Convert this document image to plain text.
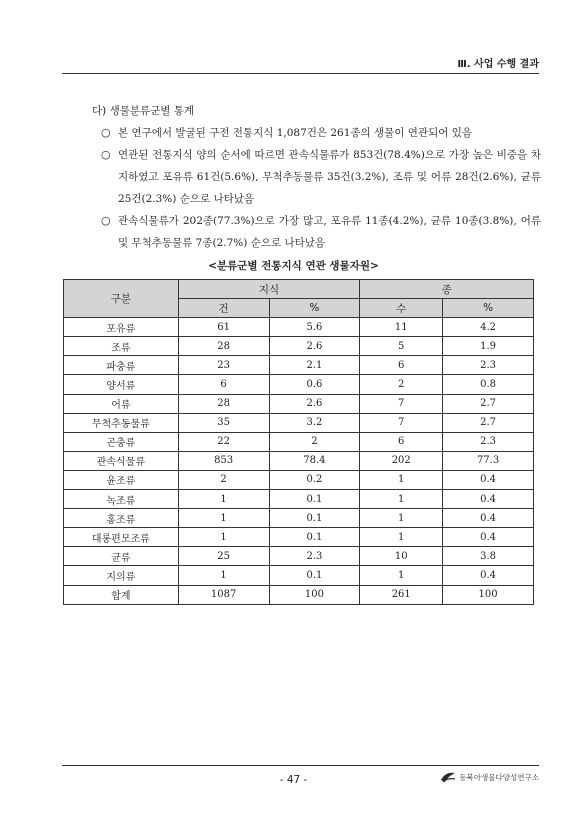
Ⅲ. 사업 수행 결과
다) 생물분류군별 통계
○ 본 연구에서 발굴된 구전 전통지식 1,087건은 261종의 생물이 연관되어 있음
○ 연관된 전통지식 양의 순서에 따르면 관속식물류가 853건(78.4%)으로 가장 높은 비중을 차지하였고 포유류 61건(5.6%), 무척추동물류 35건(3.2%), 조류 및 어류 28건(2.6%), 균류 25건(2.3%) 순으로 나타났음
○ 관속식물류가 202종(77.3%)으로 가장 많고, 포유류 11종(4.2%), 균류 10종(3.8%), 어류 및 무척추동물류 7종(2.7%) 순으로 나타났음
<분류군별 전통지식 연관 생물자원>
구분	지식		종	
	건	%	수	%
포유류	61	5.6	11	4.2
조류	28	2.6	5	1.9
파충류	23	2.1	6	2.3
양서류	6	0.6	2	0.8
어류	28	2.6	7	2.7
무척추동물류	35	3.2	7	2.7
곤충류	22	2	6	2.3
관속식물류	853	78.4	202	77.3
윤조류	2	0.2	1	0.4
녹조류	1	0.1	1	0.4
홍조류	1	0.1	1	0.4
대롱편모조류	1	0.1	1	0.4
균류	25	2.3	10	3.8
지의류	1	0.1	1	0.4
합계	1087	100	261	100
- 47 -	동북아생물다양성연구소
